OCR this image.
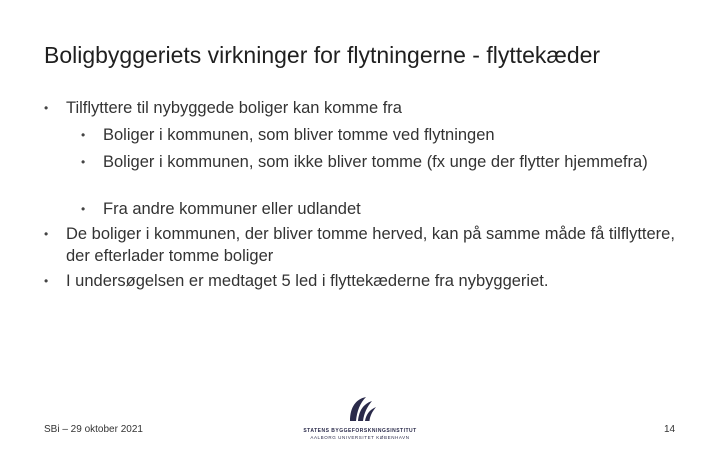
Boligbyggeriets virkninger for flytningerne - flyttekæder

• Tilflyttere til nybyggede boliger kan komme fra

• Boliger i kommunen, som bliver tomme ved flytningen

• Boliger i kommunen, som ikke bliver tomme (fx unge der flytter hjemmefra)

• Fra andre kommuner eller udlandet

• De boliger i kommunen, der bliver tomme herved, kan på samme måde få tilflyttere, der efterlader tomme boliger

• I undersøgelsen er medtaget 5 led i flyttekæderne fra nybyggeriet.

SBi – 29 oktober 2021	STATENS BYGGEFORSKNINGSINSTITUT
AALBORG UNIVERSITET KØBENHAVN
14
